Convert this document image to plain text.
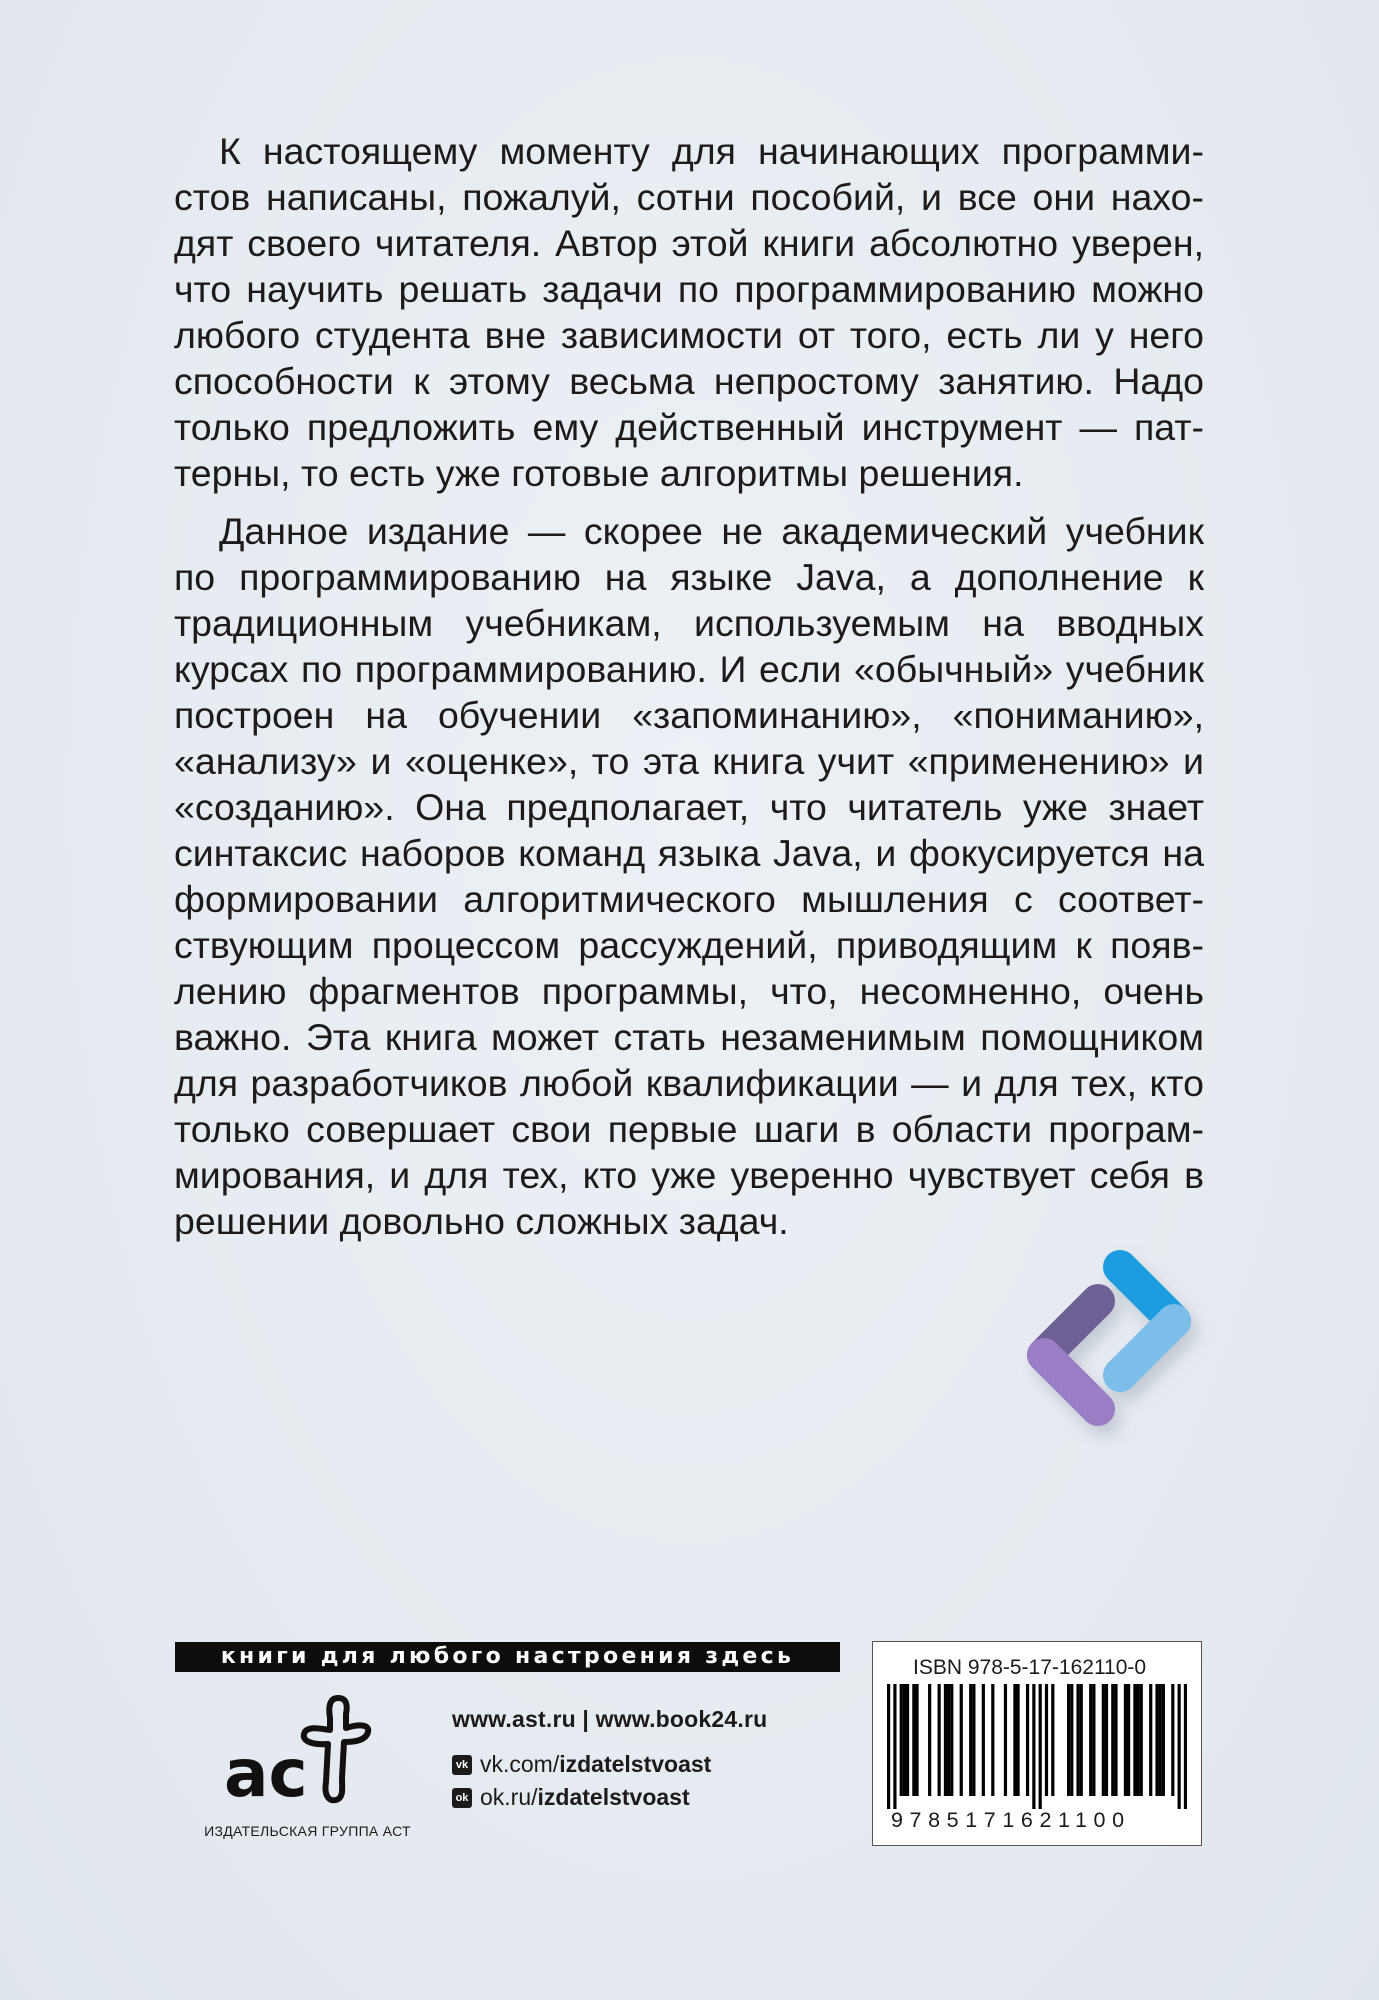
К настоящему моменту для начинающих программистов написаны, пожалуй, сотни пособий, и все они находят своего читателя. Автор этой книги абсолютно уверен, что научить решать задачи по программированию можно любого студента вне зависимости от того, есть ли у него способности к этому весьма непростому занятию. Надо только предложить ему действенный инструмент — паттерны, то есть уже готовые алгоритмы решения.

Данное издание — скорее не академический учебник по программированию на языке Java, а дополнение к традиционным учебникам, используемым на вводных курсах по программированию. И если «обычный» учебник построен на обучении «запоминанию», «пониманию», «анализу» и «оценке», то эта книга учит «применению» и «созданию». Она предполагает, что читатель уже знает синтаксис наборов команд языка Java, и фокусируется на формировании алгоритмического мышления с соответствующим процессом рассуждений, приводящим к появлению фрагментов программы, что, несомненно, очень важно. Эта книга может стать незаменимым помощником для разработчиков любой квалификации — и для тех, кто только совершает свои первые шаги в области программирования, и для тех, кто уже уверенно чувствует себя в решении довольно сложных задач.

книги для любого настроения здесь
ac
ИЗДАТЕЛЬСКАЯ ГРУППА АСТ
www.ast.ru | www.book24.ru
vk vk.com/ izdatelstvoast
ok ok.ru/ izdatelstvoast
ISBN 978-5-17-162110-0
9785171621100
